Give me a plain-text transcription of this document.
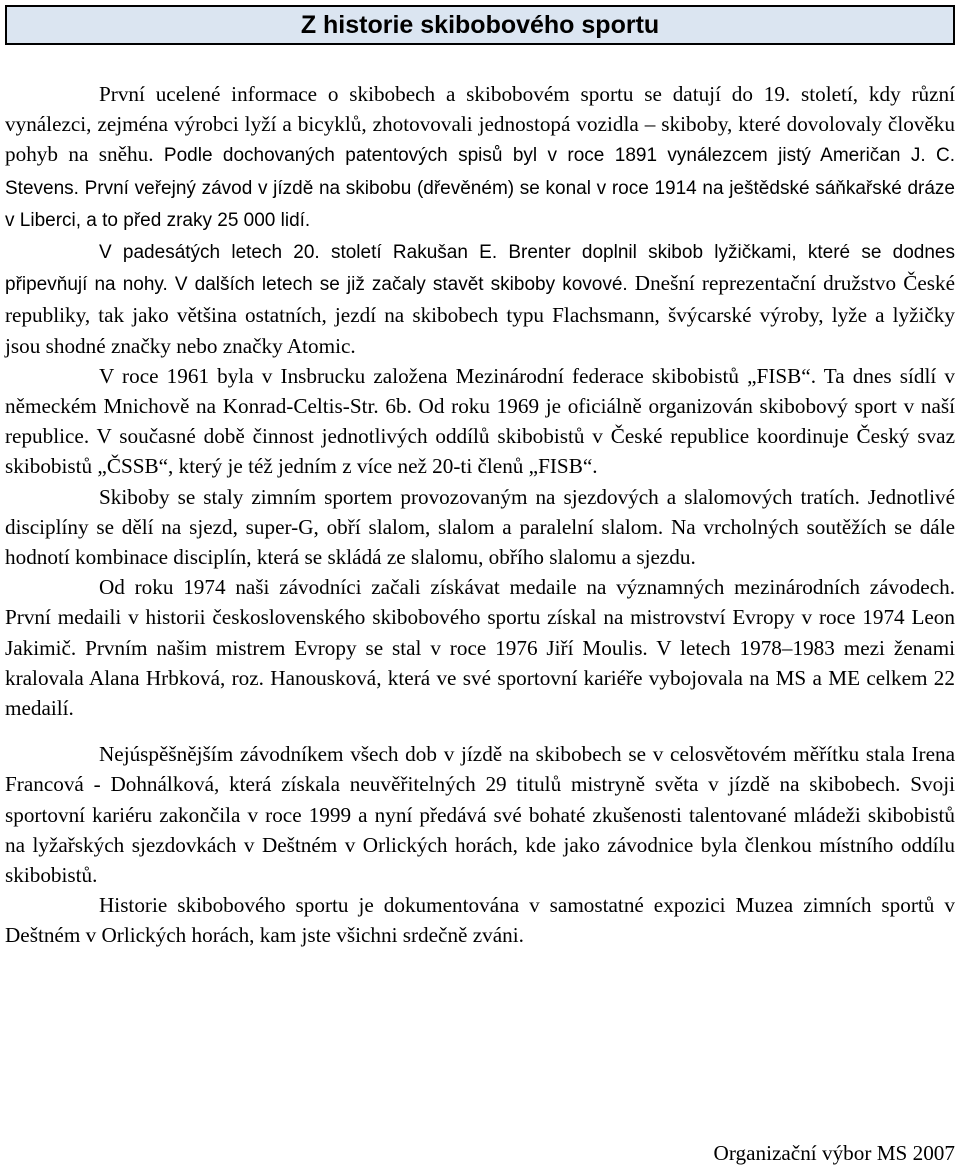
Z historie skibobového sportu

První ucelené informace o skibobech a skibobovém sportu se datují do 19. století, kdy různí vynálezci, zejména výrobci lyží a bicyklů, zhotovovali jednostopá vozidla – skiboby, které dovolovaly člověku pohyb na sněhu. Podle dochovaných patentových spisů byl v roce 1891 vynálezcem jistý Američan J. C. Stevens. První veřejný závod v jízdě na skibobu (dřevěném) se konal v roce 1914 na ještědské sáňkařské dráze v Liberci, a to před zraky 25 000 lidí.

V padesátých letech 20. století Rakušan E. Brenter doplnil skibob lyžičkami, které se dodnes připevňují na nohy. V dalších letech se již začaly stavět skiboby kovové. Dnešní reprezentační družstvo České republiky, tak jako většina ostatních, jezdí na skibobech typu Flachsmann, švýcarské výroby, lyže a lyžičky jsou shodné značky nebo značky Atomic.

V roce 1961 byla v Insbrucku založena Mezinárodní federace skibobistů „FISB“. Ta dnes sídlí v německém Mnichově na Konrad-Celtis-Str. 6b. Od roku 1969 je oficiálně organizován skibobový sport v naší republice. V současné době činnost jednotlivých oddílů skibobistů v České republice koordinuje Český svaz skibobistů „ČSSB“, který je též jedním z více než 20-ti členů „FISB“.

Skiboby se staly zimním sportem provozovaným na sjezdových a slalomových tratích. Jednotlivé disciplíny se dělí na sjezd, super-G, obří slalom, slalom a paralelní slalom. Na vrcholných soutěžích se dále hodnotí kombinace disciplín, která se skládá ze slalomu, obřího slalomu a sjezdu.

Od roku 1974 naši závodníci začali získávat medaile na významných mezinárodních závodech. První medaili v historii československého skibobového sportu získal na mistrovství Evropy v roce 1974 Leon Jakimič. Prvním našim mistrem Evropy se stal v roce 1976 Jiří Moulis. V letech 1978–1983 mezi ženami kralovala Alana Hrbková, roz. Hanousková, která ve své sportovní kariéře vybojovala na MS a ME celkem 22 medailí.

Nejúspěšnějším závodníkem všech dob v jízdě na skibobech se v celosvětovém měřítku stala Irena Francová - Dohnálková, která získala neuvěřitelných 29 titulů mistryně světa v jízdě na skibobech. Svoji sportovní kariéru zakončila v roce 1999 a nyní předává své bohaté zkušenosti talentované mládeži skibobistů na lyžařských sjezdovkách v Deštném v Orlických horách, kde jako závodnice byla členkou místního oddílu skibobistů.

Historie skibobového sportu je dokumentována v samostatné expozici Muzea zimních sportů v Deštném v Orlických horách, kam jste všichni srdečně zváni.

Organizační výbor MS 2007
